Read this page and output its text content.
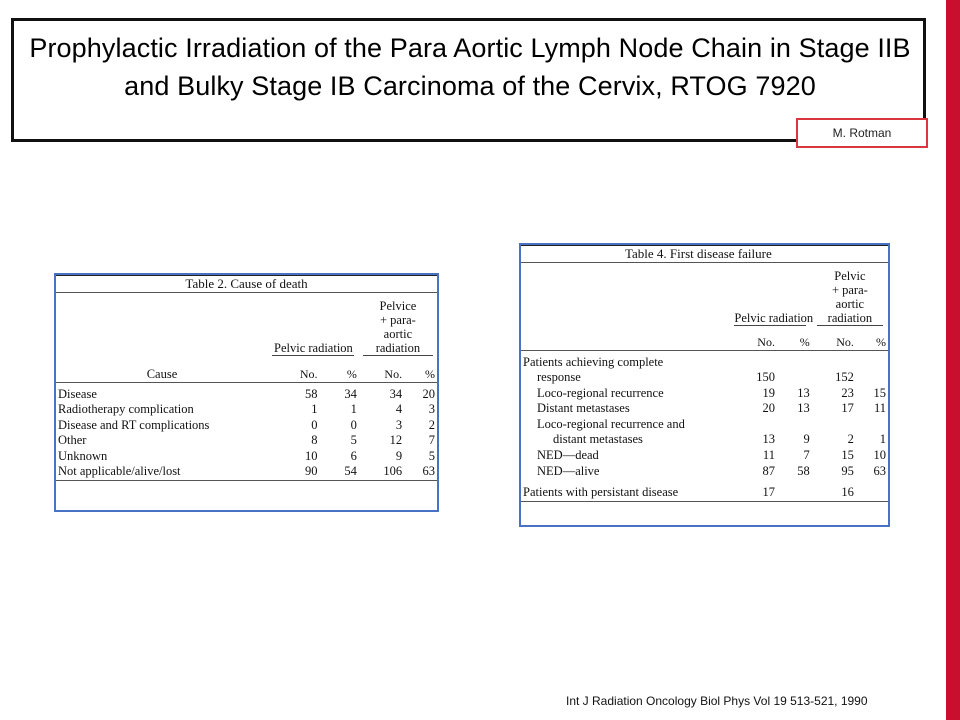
Prophylactic Irradiation of the Para Aortic Lymph Node Chain in Stage IIB and Bulky Stage IB Carcinoma of the Cervix, RTOG 7920
M. Rotman
Table 2. Cause of death				

	Pelvic radiation		Pelvice
+ para-
aortic	

			radiation	
Cause	No.	%	No.	%

Disease	58	34	34	20
Radiotherapy complication	1	1	4	3
Disease and RT complications	0	0	3	2
Other	8	5	12	7
Unknown	10	6	9	5
Not applicable/alive/lost	90	54	106	63

Table 4. First disease failure				

	Pelvic radiation		Pelvic
+ para-
aortic	

			radiation	
	No.	%	No.	%

Patients achieving complete				
response	150		152	
Loco-regional recurrence	19	13	23	15
Distant metastases	20	13	17	11
Loco-regional recurrence and				
distant metastases	13	9	2	1
NED—dead	11	7	15	10
NED—alive	87	58	95	63

Patients with persistant disease	17		16	

Int J Radiation Oncology Biol Phys Vol 19 513-521, 1990
